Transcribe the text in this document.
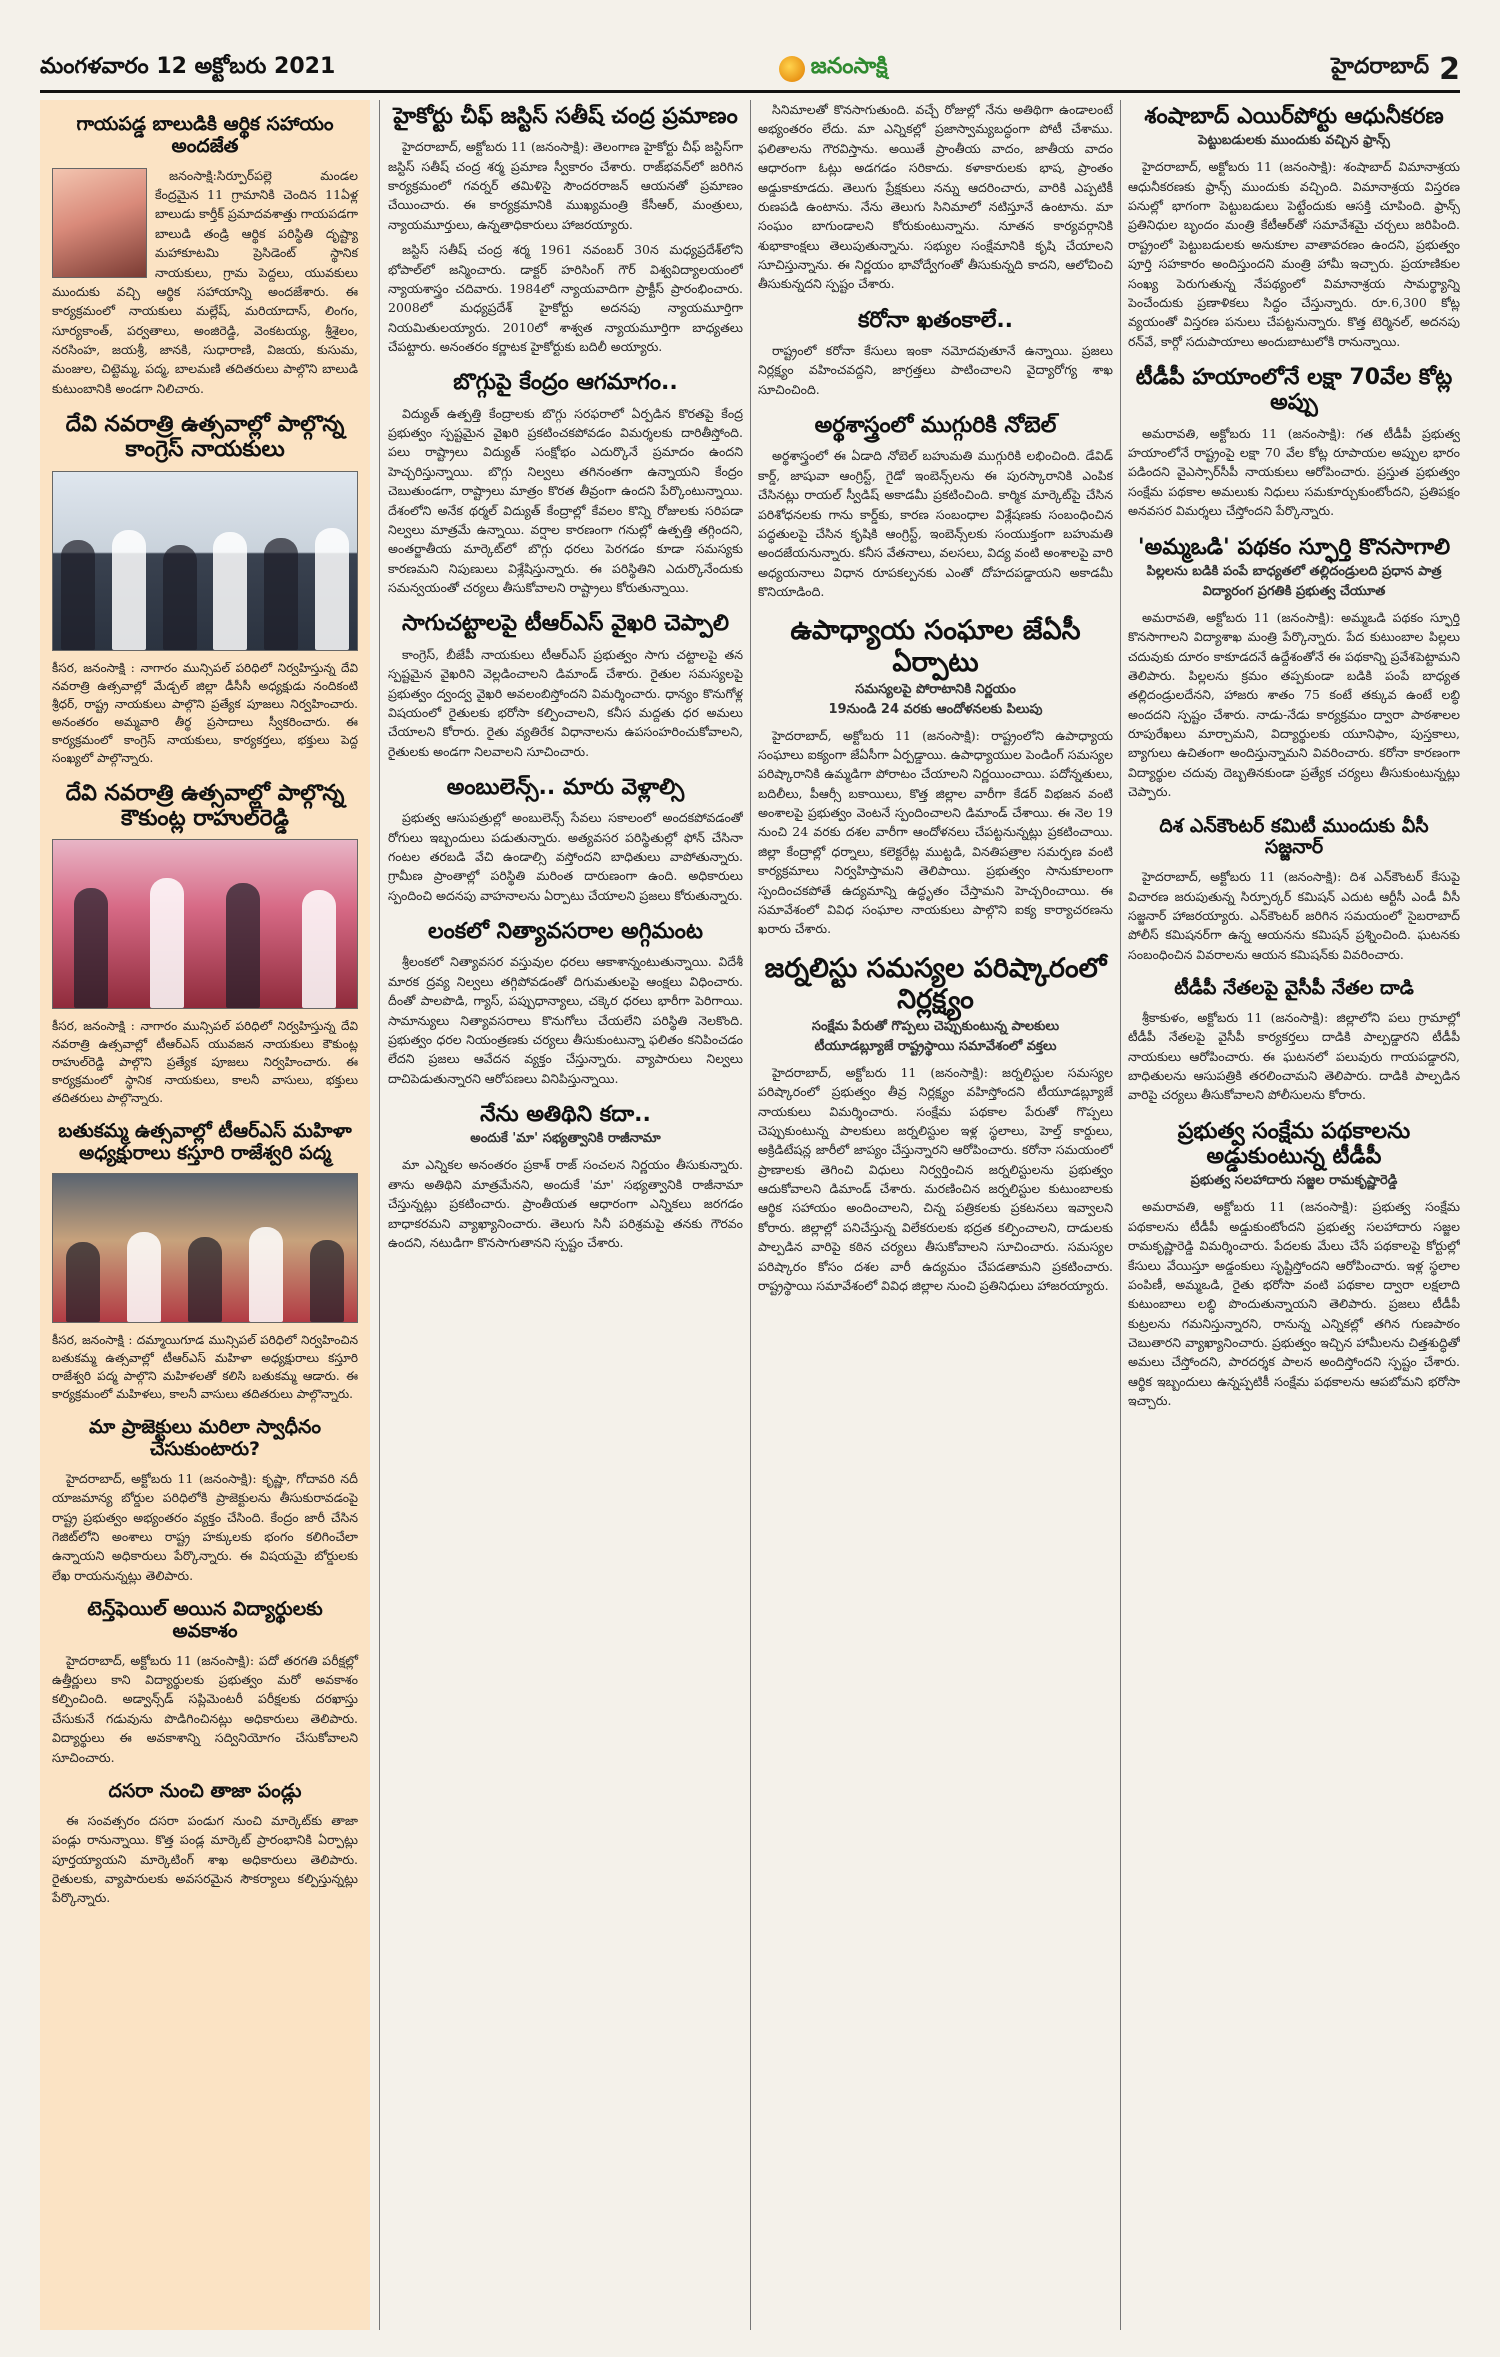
మంగళవారం 12 అక్టోబరు 2021	జనంసాక్షి	హైదరాబాద్ 2
గాయపడ్డ బాలుడికి ఆర్థిక సహాయం అందజేత

జనంసాక్షి:సిర్పూర్‌పల్లె మండల కేంద్రమైన 11 గ్రామానికి చెందిన 11ఏళ్ల బాలుడు కార్తీక్ ప్రమాదవశాత్తు గాయపడగా బాలుడి తండ్రి ఆర్థిక పరిస్థితి దృష్ట్యా మహాకూటమి ప్రెసిడెంట్ స్థానిక నాయకులు, గ్రామ పెద్దలు, యువకులు ముందుకు వచ్చి ఆర్థిక సహాయాన్ని అందజేశారు. ఈ కార్యక్రమంలో నాయకులు మల్లేష్, మరియాదాస్, లింగం, సూర్యకాంత్, పర్వతాలు, అంజిరెడ్డి, వెంకటయ్య, శ్రీశైలం, నరసింహ, జయశ్రీ, జానకి, సుధారాణి, విజయ, కుసుమ, మంజుల, చిట్టెమ్మ, పద్మ, బాలమణి తదితరులు పాల్గొని బాలుడి కుటుంబానికి అండగా నిలిచారు.

దేవి నవరాత్రి ఉత్సవాల్లో పాల్గొన్న కాంగ్రెస్ నాయకులు

కీసర, జనంసాక్షి : నాగారం మున్సిపల్ పరిధిలో నిర్వహిస్తున్న దేవి నవరాత్రి ఉత్సవాల్లో మేడ్చల్ జిల్లా డీసీసీ అధ్యక్షుడు నందికంటి శ్రీధర్, రాష్ట్ర నాయకులు పాల్గొని ప్రత్యేక పూజలు నిర్వహించారు. అనంతరం అమ్మవారి తీర్థ ప్రసాదాలు స్వీకరించారు. ఈ కార్యక్రమంలో కాంగ్రెస్ నాయకులు, కార్యకర్తలు, భక్తులు పెద్ద సంఖ్యలో పాల్గొన్నారు.

దేవి నవరాత్రి ఉత్సవాల్లో పాల్గొన్న కౌకుంట్ల రాహుల్‌రెడ్డి

కీసర, జనంసాక్షి : నాగారం మున్సిపల్ పరిధిలో నిర్వహిస్తున్న దేవి నవరాత్రి ఉత్సవాల్లో టీఆర్ఎస్ యువజన నాయకులు కౌకుంట్ల రాహుల్‌రెడ్డి పాల్గొని ప్రత్యేక పూజలు నిర్వహించారు. ఈ కార్యక్రమంలో స్థానిక నాయకులు, కాలనీ వాసులు, భక్తులు తదితరులు పాల్గొన్నారు.

బతుకమ్మ ఉత్సవాల్లో టీఆర్ఎస్ మహిళా అధ్యక్షురాలు కస్తూరి రాజేశ్వరి పద్మ

కీసర, జనంసాక్షి : దమ్మాయిగూడ మున్సిపల్ పరిధిలో నిర్వహించిన బతుకమ్మ ఉత్సవాల్లో టీఆర్ఎస్ మహిళా అధ్యక్షురాలు కస్తూరి రాజేశ్వరి పద్మ పాల్గొని మహిళలతో కలిసి బతుకమ్మ ఆడారు. ఈ కార్యక్రమంలో మహిళలు, కాలనీ వాసులు తదితరులు పాల్గొన్నారు.

మా ప్రాజెక్టులు మరిలా స్వాధీనం చేసుకుంటారు?

హైదరాబాద్, అక్టోబరు 11 (జనంసాక్షి): కృష్ణా, గోదావరి నదీ యాజమాన్య బోర్డుల పరిధిలోకి ప్రాజెక్టులను తీసుకురావడంపై రాష్ట్ర ప్రభుత్వం అభ్యంతరం వ్యక్తం చేసింది. కేంద్రం జారీ చేసిన గెజిట్‌లోని అంశాలు రాష్ట్ర హక్కులకు భంగం కలిగించేలా ఉన్నాయని అధికారులు పేర్కొన్నారు. ఈ విషయమై బోర్డులకు లేఖ రాయనున్నట్లు తెలిపారు.

టెన్త్‌ఫెయిల్‌ అయిన విద్యార్థులకు అవకాశం

హైదరాబాద్, అక్టోబరు 11 (జనంసాక్షి): పదో తరగతి పరీక్షల్లో ఉత్తీర్ణులు కాని విద్యార్థులకు ప్రభుత్వం మరో అవకాశం కల్పించింది. అడ్వాన్స్‌డ్ సప్లిమెంటరీ పరీక్షలకు దరఖాస్తు చేసుకునే గడువును పొడిగించినట్లు అధికారులు తెలిపారు. విద్యార్థులు ఈ అవకాశాన్ని సద్వినియోగం చేసుకోవాలని సూచించారు.

దసరా నుంచి తాజా పండ్లు

ఈ సంవత్సరం దసరా పండుగ నుంచి మార్కెట్‌కు తాజా పండ్లు రానున్నాయి. కొత్త పండ్ల మార్కెట్ ప్రారంభానికి ఏర్పాట్లు పూర్తయ్యాయని మార్కెటింగ్ శాఖ అధికారులు తెలిపారు. రైతులకు, వ్యాపారులకు అవసరమైన సౌకర్యాలు కల్పిస్తున్నట్లు పేర్కొన్నారు.

హైకోర్టు చీఫ్ జస్టిస్‌ సతీష్‌ చంద్ర ప్రమాణం

హైదరాబాద్, అక్టోబరు 11 (జనంసాక్షి): తెలంగాణ హైకోర్టు చీఫ్ జస్టిస్‌గా జస్టిస్ సతీష్ చంద్ర శర్మ ప్రమాణ స్వీకారం చేశారు. రాజ్‌భవన్‌లో జరిగిన కార్యక్రమంలో గవర్నర్ తమిళిసై సౌందరరాజన్ ఆయనతో ప్రమాణం చేయించారు. ఈ కార్యక్రమానికి ముఖ్యమంత్రి కేసీఆర్, మంత్రులు, న్యాయమూర్తులు, ఉన్నతాధికారులు హాజరయ్యారు.

జస్టిస్ సతీష్ చంద్ర శర్మ 1961 నవంబర్ 30న మధ్యప్రదేశ్‌లోని భోపాల్‌లో జన్మించారు. డాక్టర్ హరిసింగ్ గౌర్ విశ్వవిద్యాలయంలో న్యాయశాస్త్రం చదివారు. 1984లో న్యాయవాదిగా ప్రాక్టీస్ ప్రారంభించారు. 2008లో మధ్యప్రదేశ్ హైకోర్టు అదనపు న్యాయమూర్తిగా నియమితులయ్యారు. 2010లో శాశ్వత న్యాయమూర్తిగా బాధ్యతలు చేపట్టారు. అనంతరం కర్ణాటక హైకోర్టుకు బదిలీ అయ్యారు.

బొగ్గుపై కేంద్రం ఆగమాగం..

విద్యుత్ ఉత్పత్తి కేంద్రాలకు బొగ్గు సరఫరాలో ఏర్పడిన కొరతపై కేంద్ర ప్రభుత్వం స్పష్టమైన వైఖరి ప్రకటించకపోవడం విమర్శలకు దారితీస్తోంది. పలు రాష్ట్రాలు విద్యుత్ సంక్షోభం ఎదుర్కొనే ప్రమాదం ఉందని హెచ్చరిస్తున్నాయి. బొగ్గు నిల్వలు తగినంతగా ఉన్నాయని కేంద్రం చెబుతుండగా, రాష్ట్రాలు మాత్రం కొరత తీవ్రంగా ఉందని పేర్కొంటున్నాయి. దేశంలోని అనేక థర్మల్ విద్యుత్ కేంద్రాల్లో కేవలం కొన్ని రోజులకు సరిపడా నిల్వలు మాత్రమే ఉన్నాయి. వర్షాల కారణంగా గనుల్లో ఉత్పత్తి తగ్గిందని, అంతర్జాతీయ మార్కెట్‌లో బొగ్గు ధరలు పెరగడం కూడా సమస్యకు కారణమని నిపుణులు విశ్లేషిస్తున్నారు. ఈ పరిస్థితిని ఎదుర్కొనేందుకు సమన్వయంతో చర్యలు తీసుకోవాలని రాష్ట్రాలు కోరుతున్నాయి.

సాగుచట్టాలపై టీఆర్ఎస్‌ వైఖరి చెప్పాలి

కాంగ్రెస్, బీజేపీ నాయకులు టీఆర్ఎస్ ప్రభుత్వం సాగు చట్టాలపై తన స్పష్టమైన వైఖరిని వెల్లడించాలని డిమాండ్ చేశారు. రైతుల సమస్యలపై ప్రభుత్వం ద్వంద్వ వైఖరి అవలంబిస్తోందని విమర్శించారు. ధాన్యం కొనుగోళ్ల విషయంలో రైతులకు భరోసా కల్పించాలని, కనీస మద్దతు ధర అమలు చేయాలని కోరారు. రైతు వ్యతిరేక విధానాలను ఉపసంహరించుకోవాలని, రైతులకు అండగా నిలవాలని సూచించారు.

అంబులెన్స్‌.. మారు వెళ్లాల్సి

ప్రభుత్వ ఆసుపత్రుల్లో అంబులెన్స్ సేవలు సకాలంలో అందకపోవడంతో రోగులు ఇబ్బందులు పడుతున్నారు. అత్యవసర పరిస్థితుల్లో ఫోన్ చేసినా గంటల తరబడి వేచి ఉండాల్సి వస్తోందని బాధితులు వాపోతున్నారు. గ్రామీణ ప్రాంతాల్లో పరిస్థితి మరింత దారుణంగా ఉంది. అధికారులు స్పందించి అదనపు వాహనాలను ఏర్పాటు చేయాలని ప్రజలు కోరుతున్నారు.

లంకలో నిత్యావసరాల అగ్గిమంట

శ్రీలంకలో నిత్యావసర వస్తువుల ధరలు ఆకాశాన్నంటుతున్నాయి. విదేశీ మారక ద్రవ్య నిల్వలు తగ్గిపోవడంతో దిగుమతులపై ఆంక్షలు విధించారు. దీంతో పాలపొడి, గ్యాస్, పప్పుధాన్యాలు, చక్కెర ధరలు భారీగా పెరిగాయి. సామాన్యులు నిత్యావసరాలు కొనుగోలు చేయలేని పరిస్థితి నెలకొంది. ప్రభుత్వం ధరల నియంత్రణకు చర్యలు తీసుకుంటున్నా ఫలితం కనిపించడం లేదని ప్రజలు ఆవేదన వ్యక్తం చేస్తున్నారు. వ్యాపారులు నిల్వలు దాచిపెడుతున్నారని ఆరోపణలు వినిపిస్తున్నాయి.

నేను అతిథిని కదా..
అందుకే 'మా' సభ్యత్వానికి రాజీనామా

మా ఎన్నికల అనంతరం ప్రకాశ్ రాజ్ సంచలన నిర్ణయం తీసుకున్నారు. తాను అతిథిని మాత్రమేనని, అందుకే 'మా' సభ్యత్వానికి రాజీనామా చేస్తున్నట్లు ప్రకటించారు. ప్రాంతీయత ఆధారంగా ఎన్నికలు జరగడం బాధాకరమని వ్యాఖ్యానించారు. తెలుగు సినీ పరిశ్రమపై తనకు గౌరవం ఉందని, నటుడిగా కొనసాగుతానని స్పష్టం చేశారు.

సినిమాలతో కొనసాగుతుంది. వచ్చే రోజుల్లో నేను అతిథిగా ఉండాలంటే అభ్యంతరం లేదు. మా ఎన్నికల్లో ప్రజాస్వామ్యబద్ధంగా పోటీ చేశాము. ఫలితాలను గౌరవిస్తాను. అయితే ప్రాంతీయ వాదం, జాతీయ వాదం ఆధారంగా ఓట్లు అడగడం సరికాదు. కళాకారులకు భాష, ప్రాంతం అడ్డుకాకూడదు. తెలుగు ప్రేక్షకులు నన్ను ఆదరించారు, వారికి ఎప్పటికీ రుణపడి ఉంటాను. నేను తెలుగు సినిమాలో నటిస్తూనే ఉంటాను. మా సంఘం బాగుండాలని కోరుకుంటున్నాను. నూతన కార్యవర్గానికి శుభాకాంక్షలు తెలుపుతున్నాను. సభ్యుల సంక్షేమానికి కృషి చేయాలని సూచిస్తున్నాను. ఈ నిర్ణయం భావోద్వేగంతో తీసుకున్నది కాదని, ఆలోచించి తీసుకున్నదని స్పష్టం చేశారు.

కరోనా ఖతంకాలే..

రాష్ట్రంలో కరోనా కేసులు ఇంకా నమోదవుతూనే ఉన్నాయి. ప్రజలు నిర్లక్ష్యం వహించవద్దని, జాగ్రత్తలు పాటించాలని వైద్యారోగ్య శాఖ సూచించింది.

అర్థశాస్త్రంలో ముగ్గురికి నోబెల్‌

అర్థశాస్త్రంలో ఈ ఏడాది నోబెల్ బహుమతి ముగ్గురికి లభించింది. డేవిడ్ కార్డ్, జాషువా ఆంగ్రిస్ట్, గైడో ఇంబెన్స్‌లను ఈ పురస్కారానికి ఎంపిక చేసినట్లు రాయల్ స్వీడిష్ అకాడమీ ప్రకటించింది. కార్మిక మార్కెట్‌పై చేసిన పరిశోధనలకు గాను కార్డ్‌కు, కారణ సంబంధాల విశ్లేషణకు సంబంధించిన పద్ధతులపై చేసిన కృషికి ఆంగ్రిస్ట్, ఇంబెన్స్‌లకు సంయుక్తంగా బహుమతి అందజేయనున్నారు. కనీస వేతనాలు, వలసలు, విద్య వంటి అంశాలపై వారి అధ్యయనాలు విధాన రూపకల్పనకు ఎంతో దోహదపడ్డాయని అకాడమీ కొనియాడింది.

ఉపాధ్యాయ సంఘాల జేఏసీ ఏర్పాటు
సమస్యలపై పోరాటానికి నిర్ణయం
19నుండి 24 వరకు ఆందోళనలకు పిలుపు

హైదరాబాద్, అక్టోబరు 11 (జనంసాక్షి): రాష్ట్రంలోని ఉపాధ్యాయ సంఘాలు ఐక్యంగా జేఏసీగా ఏర్పడ్డాయి. ఉపాధ్యాయుల పెండింగ్ సమస్యల పరిష్కారానికి ఉమ్మడిగా పోరాటం చేయాలని నిర్ణయించాయి. పదోన్నతులు, బదిలీలు, పీఆర్సీ బకాయిలు, కొత్త జిల్లాల వారీగా కేడర్ విభజన వంటి అంశాలపై ప్రభుత్వం వెంటనే స్పందించాలని డిమాండ్ చేశాయి. ఈ నెల 19 నుంచి 24 వరకు దశల వారీగా ఆందోళనలు చేపట్టనున్నట్లు ప్రకటించాయి. జిల్లా కేంద్రాల్లో ధర్నాలు, కలెక్టరేట్ల ముట్టడి, వినతిపత్రాల సమర్పణ వంటి కార్యక్రమాలు నిర్వహిస్తామని తెలిపాయి. ప్రభుత్వం సానుకూలంగా స్పందించకపోతే ఉద్యమాన్ని ఉద్ధృతం చేస్తామని హెచ్చరించాయి. ఈ సమావేశంలో వివిధ సంఘాల నాయకులు పాల్గొని ఐక్య కార్యాచరణను ఖరారు చేశారు.

జర్నలిస్టు సమస్యల పరిష్కారంలో నిర్లక్ష్యం
సంక్షేమ పేరుతో గొప్పలు చెప్పుకుంటున్న పాలకులు
టీయూడబ్ల్యూజే రాష్ట్రస్థాయి సమావేశంలో వక్తలు

హైదరాబాద్, అక్టోబరు 11 (జనంసాక్షి): జర్నలిస్టుల సమస్యల పరిష్కారంలో ప్రభుత్వం తీవ్ర నిర్లక్ష్యం వహిస్తోందని టీయూడబ్ల్యూజే నాయకులు విమర్శించారు. సంక్షేమ పథకాల పేరుతో గొప్పలు చెప్పుకుంటున్న పాలకులు జర్నలిస్టుల ఇళ్ల స్థలాలు, హెల్త్ కార్డులు, అక్రిడిటేషన్ల జారీలో జాప్యం చేస్తున్నారని ఆరోపించారు. కరోనా సమయంలో ప్రాణాలకు తెగించి విధులు నిర్వర్తించిన జర్నలిస్టులను ప్రభుత్వం ఆదుకోవాలని డిమాండ్ చేశారు. మరణించిన జర్నలిస్టుల కుటుంబాలకు ఆర్థిక సహాయం అందించాలని, చిన్న పత్రికలకు ప్రకటనలు ఇవ్వాలని కోరారు. జిల్లాల్లో పనిచేస్తున్న విలేకరులకు భద్రత కల్పించాలని, దాడులకు పాల్పడిన వారిపై కఠిన చర్యలు తీసుకోవాలని సూచించారు. సమస్యల పరిష్కారం కోసం దశల వారీ ఉద్యమం చేపడతామని ప్రకటించారు. రాష్ట్రస్థాయి సమావేశంలో వివిధ జిల్లాల నుంచి ప్రతినిధులు హాజరయ్యారు.

శంషాబాద్‌ ఎయిర్‌పోర్టు ఆధునీకరణ
పెట్టుబడులకు ముందుకు వచ్చిన ఫ్రాన్స్‌

హైదరాబాద్, అక్టోబరు 11 (జనంసాక్షి): శంషాబాద్ విమానాశ్రయ ఆధునీకరణకు ఫ్రాన్స్ ముందుకు వచ్చింది. విమానాశ్రయ విస్తరణ పనుల్లో భాగంగా పెట్టుబడులు పెట్టేందుకు ఆసక్తి చూపింది. ఫ్రాన్స్ ప్రతినిధుల బృందం మంత్రి కేటీఆర్‌తో సమావేశమై చర్చలు జరిపింది. రాష్ట్రంలో పెట్టుబడులకు అనుకూల వాతావరణం ఉందని, ప్రభుత్వం పూర్తి సహకారం అందిస్తుందని మంత్రి హామీ ఇచ్చారు. ప్రయాణికుల సంఖ్య పెరుగుతున్న నేపథ్యంలో విమానాశ్రయ సామర్థ్యాన్ని పెంచేందుకు ప్రణాళికలు సిద్ధం చేస్తున్నారు. రూ.6,300 కోట్ల వ్యయంతో విస్తరణ పనులు చేపట్టనున్నారు. కొత్త టెర్మినల్, అదనపు రన్‌వే, కార్గో సదుపాయాలు అందుబాటులోకి రానున్నాయి.

టీడీపీ హయాంలోనే లక్షా 70వేల కోట్ల అప్పు

అమరావతి, అక్టోబరు 11 (జనంసాక్షి): గత టీడీపీ ప్రభుత్వ హయాంలోనే రాష్ట్రంపై లక్షా 70 వేల కోట్ల రూపాయల అప్పుల భారం పడిందని వైఎస్సార్‌సీపీ నాయకులు ఆరోపించారు. ప్రస్తుత ప్రభుత్వం సంక్షేమ పథకాల అమలుకు నిధులు సమకూర్చుకుంటోందని, ప్రతిపక్షం అనవసర విమర్శలు చేస్తోందని పేర్కొన్నారు.

'అమ్మఒడి' పథకం స్ఫూర్తి కొనసాగాలి
పిల్లలను బడికి పంపే బాధ్యతలో తల్లిదండ్రులది ప్రధాన పాత్ర
విద్యారంగ ప్రగతికి ప్రభుత్వ చేయూత

అమరావతి, అక్టోబరు 11 (జనంసాక్షి): అమ్మఒడి పథకం స్ఫూర్తి కొనసాగాలని విద్యాశాఖ మంత్రి పేర్కొన్నారు. పేద కుటుంబాల పిల్లలు చదువుకు దూరం కాకూడదనే ఉద్దేశంతోనే ఈ పథకాన్ని ప్రవేశపెట్టామని తెలిపారు. పిల్లలను క్రమం తప్పకుండా బడికి పంపే బాధ్యత తల్లిదండ్రులదేనని, హాజరు శాతం 75 కంటే తక్కువ ఉంటే లబ్ధి అందదని స్పష్టం చేశారు. నాడు-నేడు కార్యక్రమం ద్వారా పాఠశాలల రూపురేఖలు మార్చామని, విద్యార్థులకు యూనిఫాం, పుస్తకాలు, బ్యాగులు ఉచితంగా అందిస్తున్నామని వివరించారు. కరోనా కారణంగా విద్యార్థుల చదువు దెబ్బతినకుండా ప్రత్యేక చర్యలు తీసుకుంటున్నట్లు చెప్పారు.

దిశ ఎన్‌కౌంటర్‌ కమిటీ ముందుకు వీసీ సజ్జనార్‌

హైదరాబాద్, అక్టోబరు 11 (జనంసాక్షి): దిశ ఎన్‌కౌంటర్ కేసుపై విచారణ జరుపుతున్న సిర్పూర్కర్ కమిషన్ ఎదుట ఆర్టీసీ ఎండీ వీసీ సజ్జనార్ హాజరయ్యారు. ఎన్‌కౌంటర్ జరిగిన సమయంలో సైబరాబాద్ పోలీస్ కమిషనర్‌గా ఉన్న ఆయనను కమిషన్ ప్రశ్నించింది. ఘటనకు సంబంధించిన వివరాలను ఆయన కమిషన్‌కు వివరించారు.

టీడీపీ నేతలపై వైసీపీ నేతల దాడి

శ్రీకాకుళం, అక్టోబరు 11 (జనంసాక్షి): జిల్లాలోని పలు గ్రామాల్లో టీడీపీ నేతలపై వైసీపీ కార్యకర్తలు దాడికి పాల్పడ్డారని టీడీపీ నాయకులు ఆరోపించారు. ఈ ఘటనలో పలువురు గాయపడ్డారని, బాధితులను ఆసుపత్రికి తరలించామని తెలిపారు. దాడికి పాల్పడిన వారిపై చర్యలు తీసుకోవాలని పోలీసులను కోరారు.

ప్రభుత్వ సంక్షేమ పథకాలను అడ్డుకుంటున్న టీడీపీ
ప్రభుత్వ సలహాదారు సజ్జల రామకృష్ణారెడ్డి

అమరావతి, అక్టోబరు 11 (జనంసాక్షి): ప్రభుత్వ సంక్షేమ పథకాలను టీడీపీ అడ్డుకుంటోందని ప్రభుత్వ సలహాదారు సజ్జల రామకృష్ణారెడ్డి విమర్శించారు. పేదలకు మేలు చేసే పథకాలపై కోర్టుల్లో కేసులు వేయిస్తూ అడ్డంకులు సృష్టిస్తోందని ఆరోపించారు. ఇళ్ల స్థలాల పంపిణీ, అమ్మఒడి, రైతు భరోసా వంటి పథకాల ద్వారా లక్షలాది కుటుంబాలు లబ్ధి పొందుతున్నాయని తెలిపారు. ప్రజలు టీడీపీ కుట్రలను గమనిస్తున్నారని, రానున్న ఎన్నికల్లో తగిన గుణపాఠం చెబుతారని వ్యాఖ్యానించారు. ప్రభుత్వం ఇచ్చిన హామీలను చిత్తశుద్ధితో అమలు చేస్తోందని, పారదర్శక పాలన అందిస్తోందని స్పష్టం చేశారు. ఆర్థిక ఇబ్బందులు ఉన్నప్పటికీ సంక్షేమ పథకాలను ఆపబోమని భరోసా ఇచ్చారు.
